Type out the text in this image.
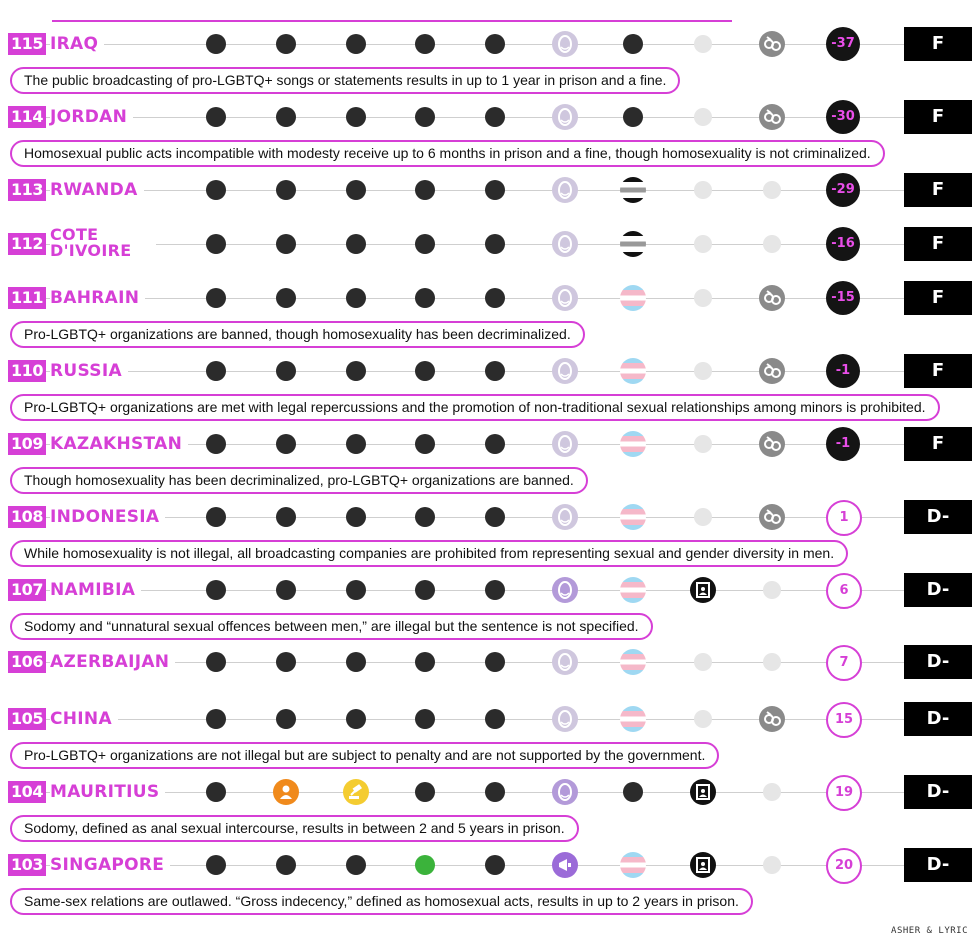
115 IRAQ	-37	F
The public broadcasting of pro-LGBTQ+ songs or statements results in up to 1 year in prison and a fine.
114 JORDAN	-30	F
Homosexual public acts incompatible with modesty receive up to 6 months in prison and a fine, though homosexuality is not criminalized.
113 RWANDA	-29	F
112 COTE D'IVOIRE	-16	F
111 BAHRAIN	-15	F
Pro-LGBTQ+ organizations are banned, though homosexuality has been decriminalized.
110 RUSSIA	-1	F
Pro-LGBTQ+ organizations are met with legal repercussions and the promotion of non-traditional sexual relationships among minors is prohibited.
109 KAZAKHSTAN	-1	F
Though homosexuality has been decriminalized, pro-LGBTQ+ organizations are banned.
108 INDONESIA	1	D-
While homosexuality is not illegal, all broadcasting companies are prohibited from representing sexual and gender diversity in men.
107 NAMIBIA	6	D-
Sodomy and “unnatural sexual offences between men,” are illegal but the sentence is not specified.
106 AZERBAIJAN	7	D-
105 CHINA	15	D-
Pro-LGBTQ+ organizations are not illegal but are subject to penalty and are not supported by the government.
104 MAURITIUS	19	D-
Sodomy, defined as anal sexual intercourse, results in between 2 and 5 years in prison.
103 SINGAPORE	20	D-
Same-sex relations are outlawed. “Gross indecency,” defined as homosexual acts, results in up to 2 years in prison.
ASHER & LYRIC
